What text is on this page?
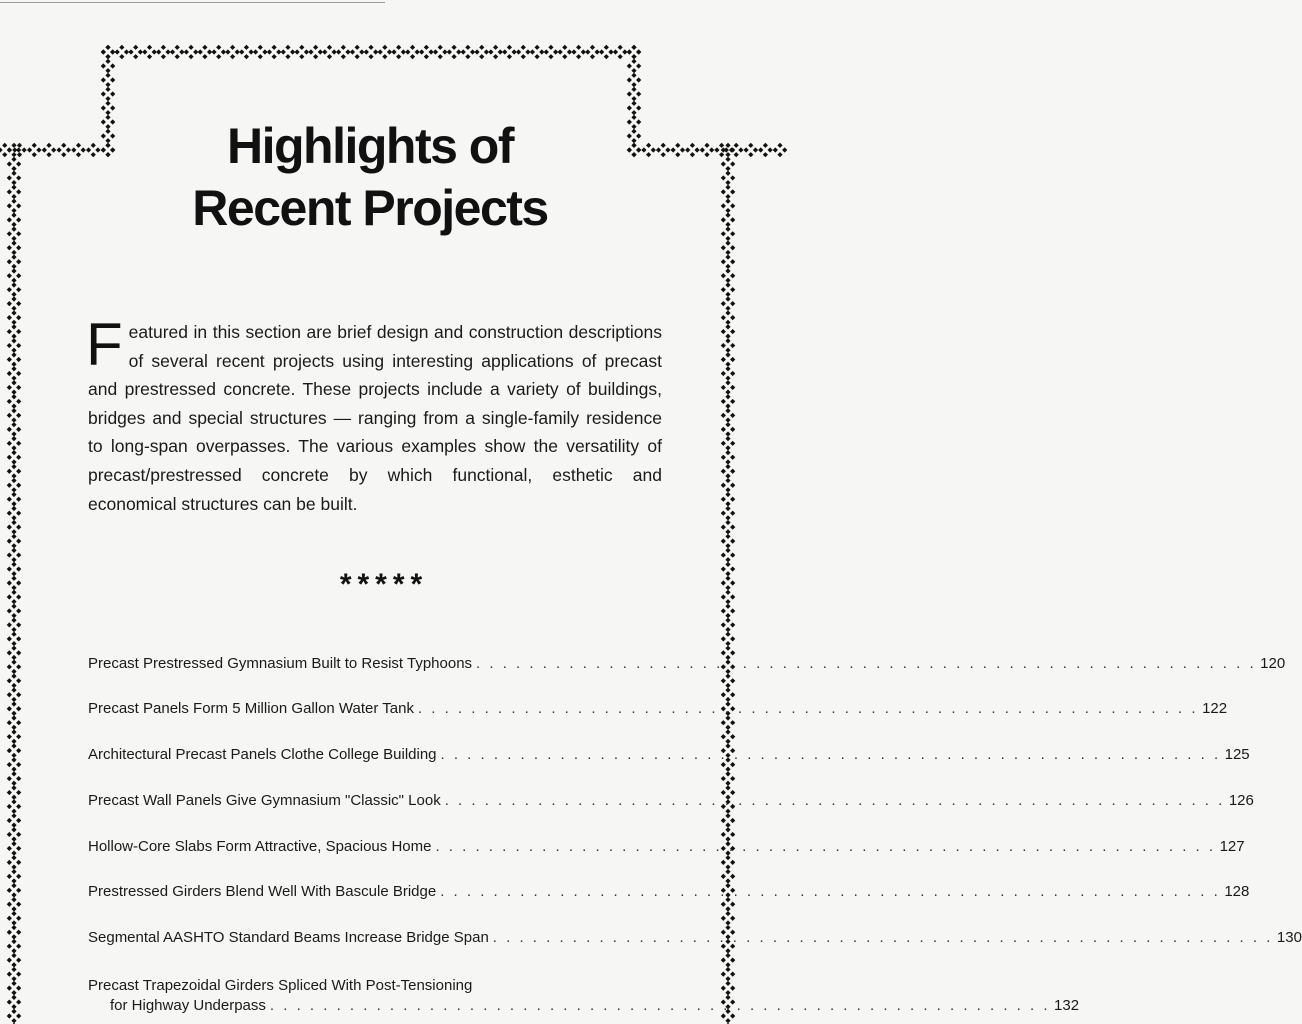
Highlights of
Recent Projects
Featured in this section are brief design and construction descriptions of several recent projects using interesting applications of precast and prestressed concrete. These projects include a variety of buildings, bridges and special structures — ranging from a single-family residence to long-span overpasses. The various examples show the versatility of precast/prestressed concrete by which functional, esthetic and economical structures can be built.
*****
Precast Prestressed Gymnasium Built to Resist Typhoons . . . . . . . . . . . . . . . . . . . . . . . . . . . . . . . . . . . . . . . . . . . . . . . . . . . . . . . . . . . 120
Precast Panels Form 5 Million Gallon Water Tank . . . . . . . . . . . . . . . . . . . . . . . . . . . . . . . . . . . . . . . . . . . . . . . . . . . . . . . . . . . 122
Architectural Precast Panels Clothe College Building . . . . . . . . . . . . . . . . . . . . . . . . . . . . . . . . . . . . . . . . . . . . . . . . . . . . . . . . . . . 125
Precast Wall Panels Give Gymnasium "Classic" Look . . . . . . . . . . . . . . . . . . . . . . . . . . . . . . . . . . . . . . . . . . . . . . . . . . . . . . . . . . . 126
Hollow-Core Slabs Form Attractive, Spacious Home . . . . . . . . . . . . . . . . . . . . . . . . . . . . . . . . . . . . . . . . . . . . . . . . . . . . . . . . . . . 127
Prestressed Girders Blend Well With Bascule Bridge . . . . . . . . . . . . . . . . . . . . . . . . . . . . . . . . . . . . . . . . . . . . . . . . . . . . . . . . . . . 128
Segmental AASHTO Standard Beams Increase Bridge Span . . . . . . . . . . . . . . . . . . . . . . . . . . . . . . . . . . . . . . . . . . . . . . . . . . . . . . . . . . . 130
Precast Trapezoidal Girders Spliced With Post-Tensioning
for Highway Underpass . . . . . . . . . . . . . . . . . . . . . . . . . . . . . . . . . . . . . . . . . . . . . . . . . . . . . . . . . . . 132
